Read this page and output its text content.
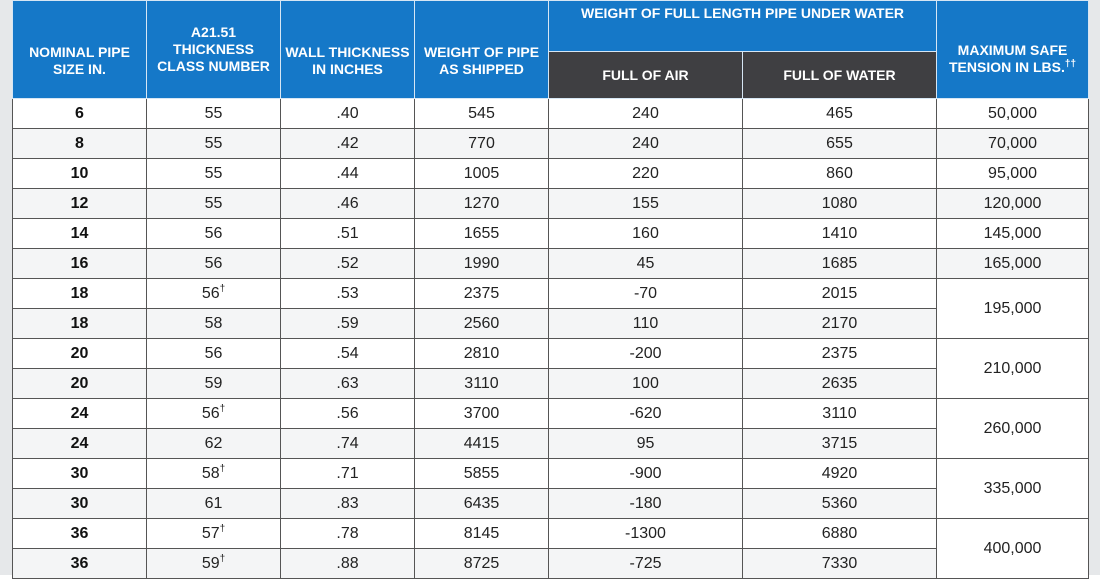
NOMINAL PIPE SIZE IN.	A21.51 THICKNESS CLASS NUMBER	WALL THICKNESS IN INCHES	WEIGHT OF PIPE AS SHIPPED	WEIGHT OF FULL LENGTH PIPE UNDER WATER		MAXIMUM SAFE TENSION IN LBS.††
				FULL OF AIR	FULL OF WATER	
6	55	.40	545	240	465	50,000
8	55	.42	770	240	655	70,000
10	55	.44	1005	220	860	95,000
12	55	.46	1270	155	1080	120,000
14	56	.51	1655	160	1410	145,000
16	56	.52	1990	45	1685	165,000
18	56†	.53	2375	-70	2015	195,000
18	58	.59	2560	110	2170	
20	56	.54	2810	-200	2375	210,000
20	59	.63	3110	100	2635	
24	56†	.56	3700	-620	3110	260,000
24	62	.74	4415	95	3715	
30	58†	.71	5855	-900	4920	335,000
30	61	.83	6435	-180	5360	
36	57†	.78	8145	-1300	6880	400,000
36	59†	.88	8725	-725	7330	
